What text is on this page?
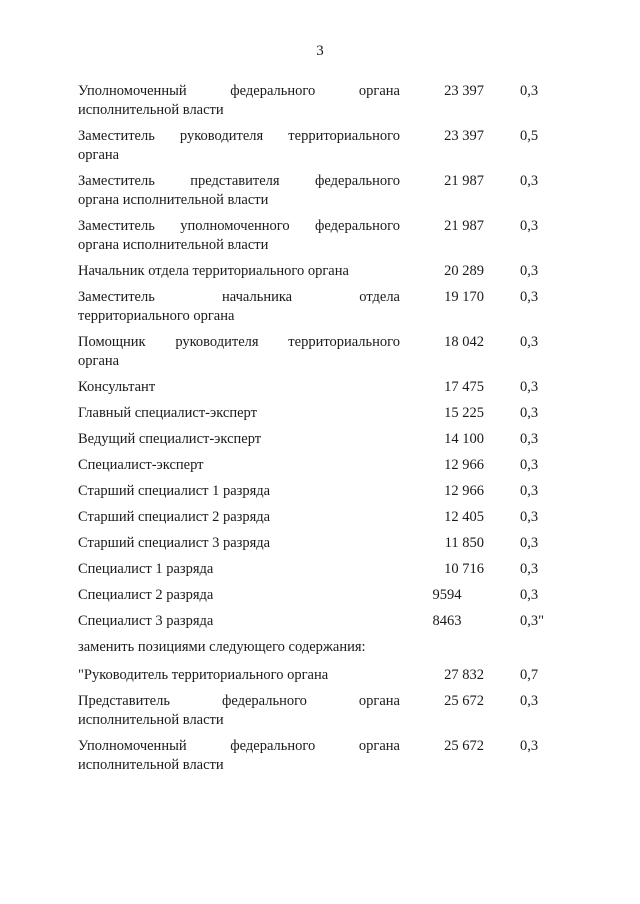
3
Уполномоченный федерального органа
исполнительной власти
23 397	0,3
Заместитель руководителя территориального
органа
23 397	0,5
Заместитель представителя федерального
органа исполнительной власти
21 987	0,3
Заместитель уполномоченного федерального
органа исполнительной власти
21 987	0,3
Начальник отдела территориального органа	20 289	0,3
Заместитель начальника отдела
территориального органа
19 170	0,3
Помощник руководителя территориального
органа
18 042	0,3
Консультант	17 475	0,3
Главный специалист-эксперт	15 225	0,3
Ведущий специалист-эксперт	14 100	0,3
Специалист-эксперт	12 966	0,3
Старший специалист 1 разряда	12 966	0,3
Старший специалист 2 разряда	12 405	0,3
Старший специалист 3 разряда	11 850	0,3
Специалист 1 разряда	10 716	0,3
Специалист 2 разряда	9594	0,3
Специалист 3 разряда	8463	0,3"
заменить позициями следующего содержания:
"Руководитель территориального органа	27 832	0,7
Представитель федерального органа
исполнительной власти
25 672	0,3
Уполномоченный федерального органа
исполнительной власти
25 672	0,3
